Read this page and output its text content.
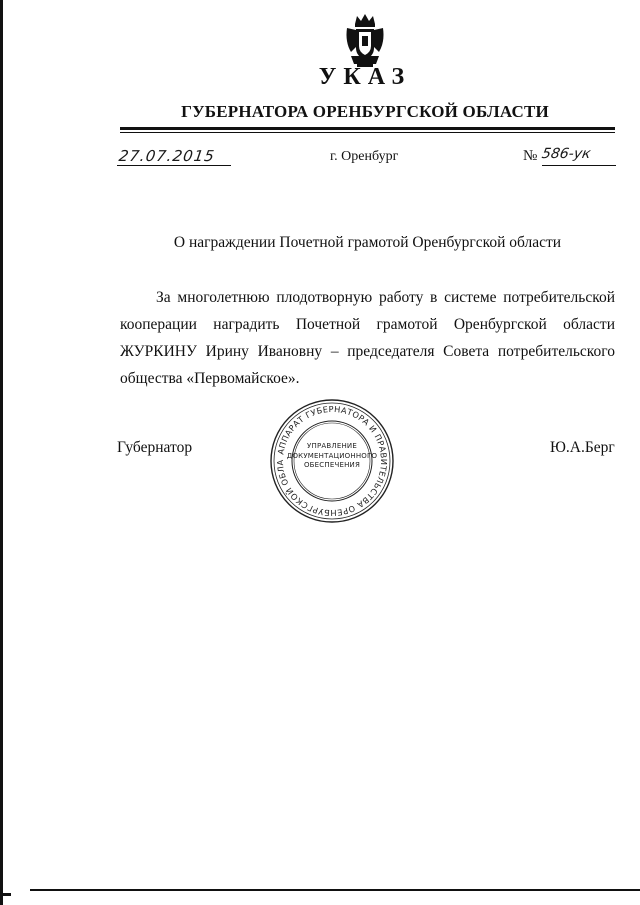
УКАЗ
ГУБЕРНАТОРА ОРЕНБУРГСКОЙ ОБЛАСТИ
27.07.2015	г. Оренбург	№ 586-ук
О награждении Почетной грамотой Оренбургской области
За многолетнюю плодотворную работу в системе потребительской кооперации наградить Почетной грамотой Оренбургской области ЖУРКИНУ Ирину Ивановну – председателя Совета потребительского общества «Первомайское».
Губернатор	Ю.А.Берг
АППАРАТ ГУБЕРНАТОРА И ПРАВИТЕЛЬСТВА ОРЕНБУРГСКОЙ ОБЛА
УПРАВЛЕНИЕ
ДОКУМЕНТАЦИОННОГО
ОБЕСПЕЧЕНИЯ
